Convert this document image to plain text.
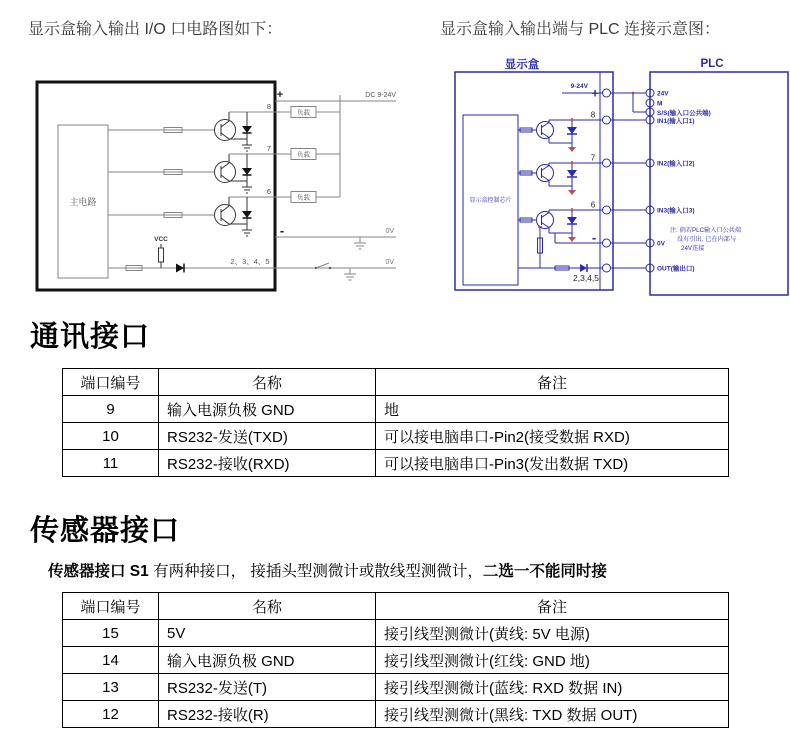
显示盒输入输出 I/O 口电路图如下：	显示盒输入输出端与 PLC 连接示意图：
主电路
8
负载
7
负载
6
负载
+	DC 9-24V
-	0V
VCC
2、3、4、5	0V
显示盒	PLC
9-24V +
显示盒控制芯片
8
7
6
-
2,3,4,5
24V
M
S/S(输入口公共端)
IN1(输入口1)
IN2(输入口2)
IN3(输入口3)
0V
OUT(输出口)
注: 倘若PLC输入口公共端
没有引出, 已在内部与
24V连接
通讯接口
端口编号	名称	备注
9	输入电源负极 GND	地
10	RS232-发送(TXD)	可以接电脑串口-Pin2(接受数据 RXD)
11	RS232-接收(RXD)	可以接电脑串口-Pin3(发出数据 TXD)
传感器接口
传感器接口 S1 有两种接口， 接插头型测微计或散线型测微计，二选一不能同时接
端口编号	名称	备注
15	5V	接引线型测微计(黄线: 5V 电源)
14	输入电源负极 GND	接引线型测微计(红线: GND 地)
13	RS232-发送(T)	接引线型测微计(蓝线: RXD 数据 IN)
12	RS232-接收(R)	接引线型测微计(黑线: TXD 数据 OUT)
